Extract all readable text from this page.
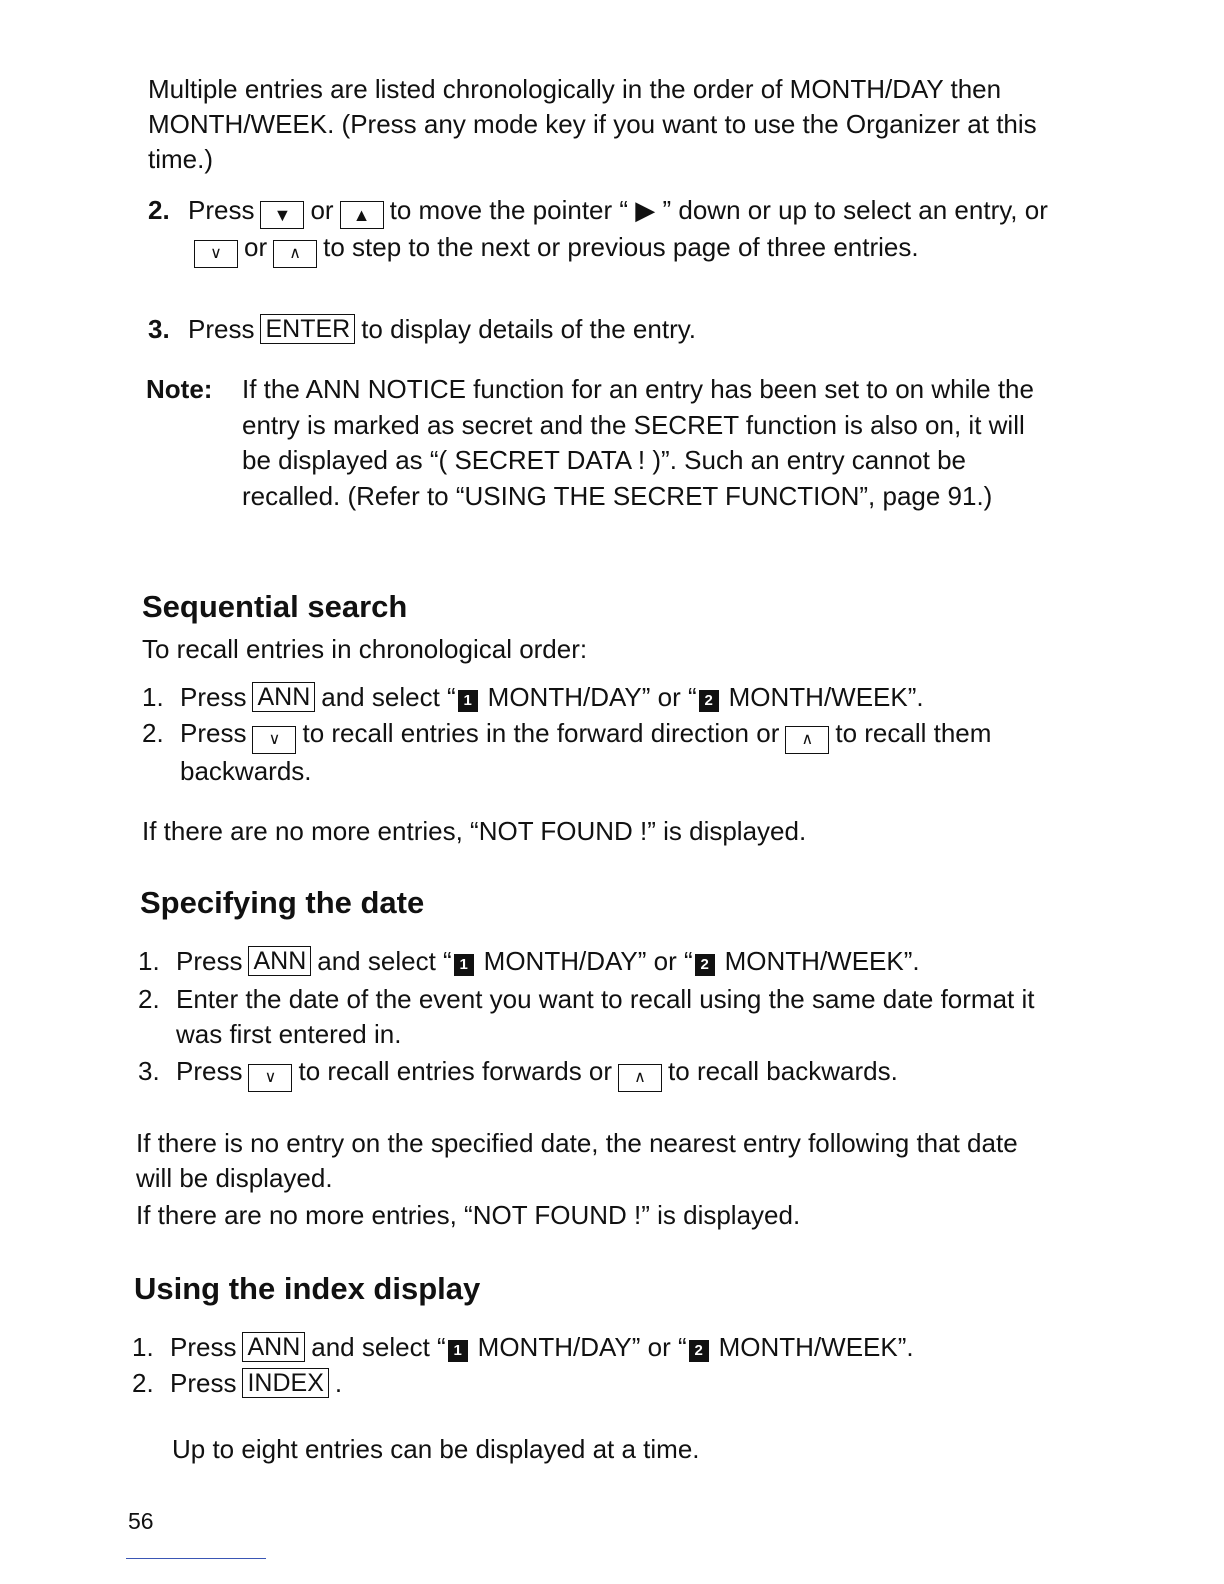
Multiple entries are listed chronologically in the order of MONTH/DAY then MONTH/WEEK. (Press any mode key if you want to use the Organizer at this time.)

2. Press ▼ or ▲ to move the pointer “ ▶ ” down or up to select an entry, or∨ or ∧ to step to the next or previous page of three entries.
3. Press ENTER to display details of the entry.
Note:	If the ANN NOTICE function for an entry has been set to on while the entry is marked as secret and the SECRET function is also on, it will be displayed as “( SECRET DATA ! )”. Such an entry cannot be recalled. (Refer to “USING THE SECRET FUNCTION”, page 91.)
Sequential search
To recall entries in chronological order:
1. Press ANN and select “ 1 MONTH/DAY” or “ 2 MONTH/WEEK”.
2. Press ∨ to recall entries in the forward direction or ∧ to recall them backwards.
If there are no more entries, “NOT FOUND !” is displayed.
Specifying the date
1. Press ANN and select “ 1 MONTH/DAY” or “ 2 MONTH/WEEK”.
2. Enter the date of the event you want to recall using the same date format it was first entered in.
3. Press ∨ to recall entries forwards or ∧ to recall backwards.
If there is no entry on the specified date, the nearest entry following that date will be displayed.
If there are no more entries, “NOT FOUND !” is displayed.
Using the index display
1. Press ANN and select “ 1 MONTH/DAY” or “ 2 MONTH/WEEK”.
2. Press INDEX .
Up to eight entries can be displayed at a time.
56
